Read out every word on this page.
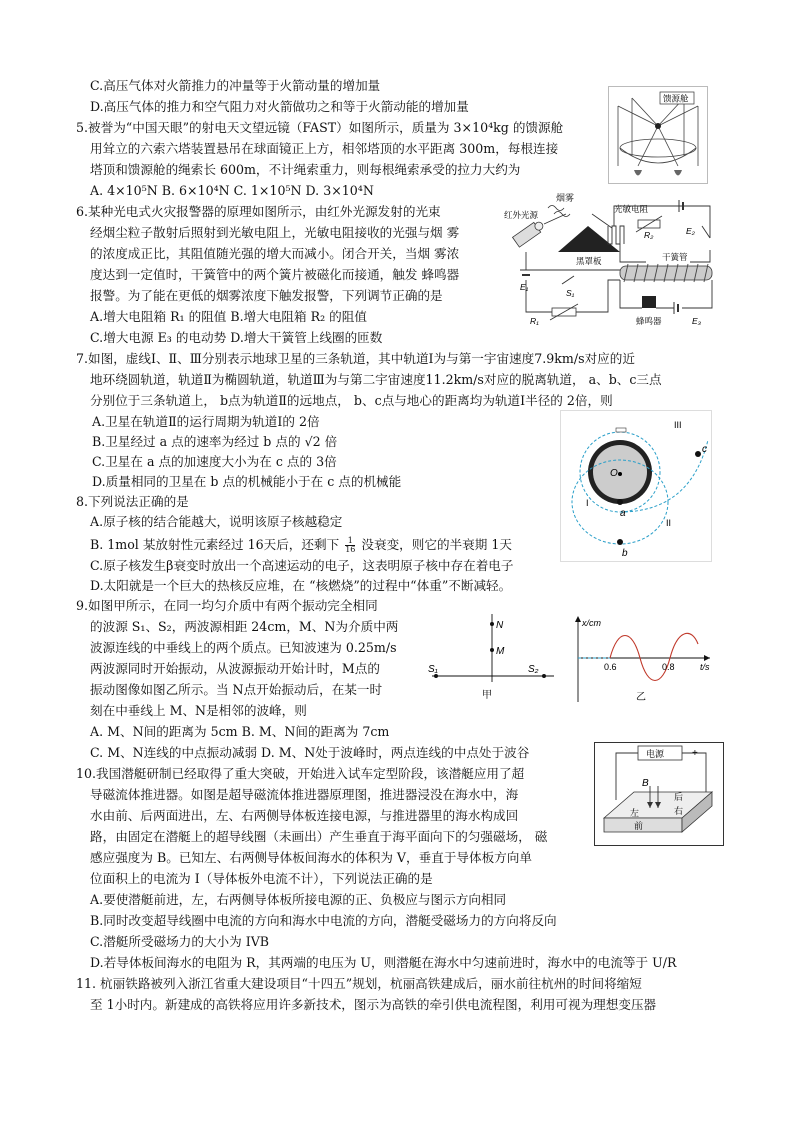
C.高压气体对火箭推力的冲量等于火箭动量的增加量
D.高压气体的推力和空气阻力对火箭做功之和等于火箭动能的增加量
5.被誉为“中国天眼”的射电天文望远镜（FAST）如图所示，质量为 3×10⁴kg 的馈源舱
用耸立的六索六塔装置悬吊在球面镜正上方，相邻塔顶的水平距离 300m，每根连接
塔顶和馈源舱的绳索长 600m，不计绳索重力，则每根绳索承受的拉力大约为
A. 4×10⁵N B. 6×10⁴N C. 1×10⁵N D. 3×10⁴N
馈源舱
6.某种光电式火灾报警器的原理如图所示，由红外光源发射的光束
经烟尘粒子散射后照射到光敏电阻上，光敏电阻接收的光强与烟 雾
的浓度成正比，其阻值随光强的增大而减小。闭合开关，当烟 雾浓
度达到一定值时，干簧管中的两个簧片被磁化而接通，触发 蜂鸣器
报警。为了能在更低的烟雾浓度下触发报警，下列调节正确的是
A.增大电阻箱 R₁ 的阻值 B.增大电阻箱 R₂ 的阻值
C.增大电源 E₃ 的电动势 D.增大干簧管上线圈的匝数
烟雾
红外光源
光敏电阻
黑罩板
R₂	E₂
干簧管
E₁
S₁
R₁	蜂鸣器	E₃
7.如图，虚线Ⅰ、Ⅱ、Ⅲ分别表示地球卫星的三条轨道，其中轨道Ⅰ为与第一宇宙速度7.9km/s对应的近
地环绕圆轨道，轨道Ⅱ为椭圆轨道，轨道Ⅲ为与第二宇宙速度11.2km/s对应的脱离轨道， a、b、c三点
分别位于三条轨道上， b点为轨道Ⅱ的远地点， b、c点与地心的距离均为轨道Ⅰ半径的 2倍，则
A.卫星在轨道Ⅱ的运行周期为轨道Ⅰ的 2倍
B.卫星经过 a 点的速率为经过 b 点的 √2 倍
C.卫星在 a 点的加速度大小为在 c 点的 3倍
D.质量相同的卫星在 b 点的机械能小于在 c 点的机械能
O
a
b
c
I
II
III
8.下列说法正确的是
A.原子核的结合能越大，说明该原子核越稳定
B. 1mol 某放射性元素经过 16天后，还剩下 $\frac{1}{16}$ 没衰变，则它的半衰期 1天
C.原子核发生β衰变时放出一个高速运动的电子，这表明原子核中存在着电子
D.太阳就是一个巨大的热核反应堆，在 “核燃烧”的过程中“体重”不断减轻。
9.如图甲所示，在同一均匀介质中有两个振动完全相同
的波源 S₁、S₂，两波源相距 24cm，M、N为介质中两
波源连线的中垂线上的两个质点。已知波速为 0.25m/s
两波源同时开始振动，从波源振动开始计时，M点的
振动图像如图乙所示。当 N点开始振动后，在某一时
刻在中垂线上 M、N是相邻的波峰，则
A. M、N间的距离为 5cm B. M、N间的距离为 7cm
C. M、N连线的中点振动减弱 D. M、N处于波峰时，两点连线的中点处于波谷
N
M
S₁	S₂
甲
x/cm
t/s
0.6	0.8
乙
10.我国潜艇研制已经取得了重大突破，开始进入试车定型阶段，该潜艇应用了超
导磁流体推进器。如图是超导磁流体推进器原理图，推进器浸没在海水中，海
水由前、后两面进出，左、右两侧导体板连接电源，与推进器里的海水构成回
路，由固定在潜艇上的超导线圈（未画出）产生垂直于海平面向下的匀强磁场， 磁
感应强度为 B。已知左、右两侧导体板间海水的体积为 V，垂直于导体板方向单
位面积上的电流为 I（导体板外电流不计），下列说法正确的是
A.要使潜艇前进，左，右两侧导体板所接电源的正、负极应与图示方向相同
B.同时改变超导线圈中电流的方向和海水中电流的方向，潜艇受磁场力的方向将反向
C.潜艇所受磁场力的大小为 IVB
D.若导体板间海水的电阻为 R，其两端的电压为 U，则潜艇在海水中匀速前进时，海水中的电流等于 U/R
电源
-	+
B
后
左	右
前
11. 杭丽铁路被列入浙江省重大建设项目“十四五”规划，杭丽高铁建成后，丽水前往杭州的时间将缩短
至 1小时内。新建成的高铁将应用许多新技术，图示为高铁的牵引供电流程图，利用可视为理想变压器
